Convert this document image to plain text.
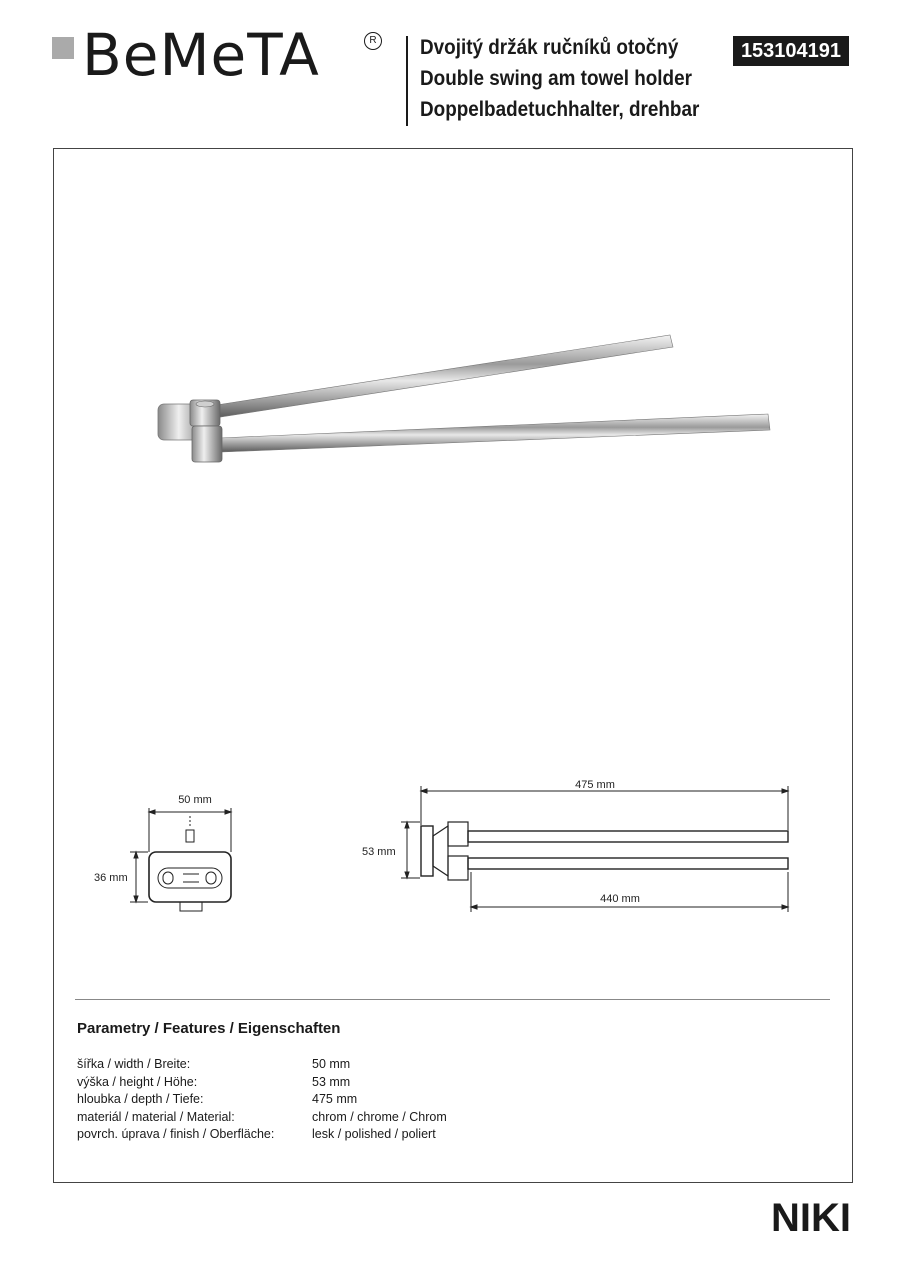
BeMeTA	R Dvojitý držák ručníků otočný
Double swing am towel holder
Doppelbadetuchhalter, drehbar
153104191
50 mm
36 mm
475 mm
53 mm
440 mm
Parametry / Features / Eigenschaften
šířka / width / Breite:	50 mm
výška / height / Höhe:	53 mm
hloubka / depth / Tiefe:	475 mm
materiál / material / Material:	chrom / chrome / Chrom
povrch. úprava / finish / Oberfläche:	lesk / polished / poliert
NIKI
